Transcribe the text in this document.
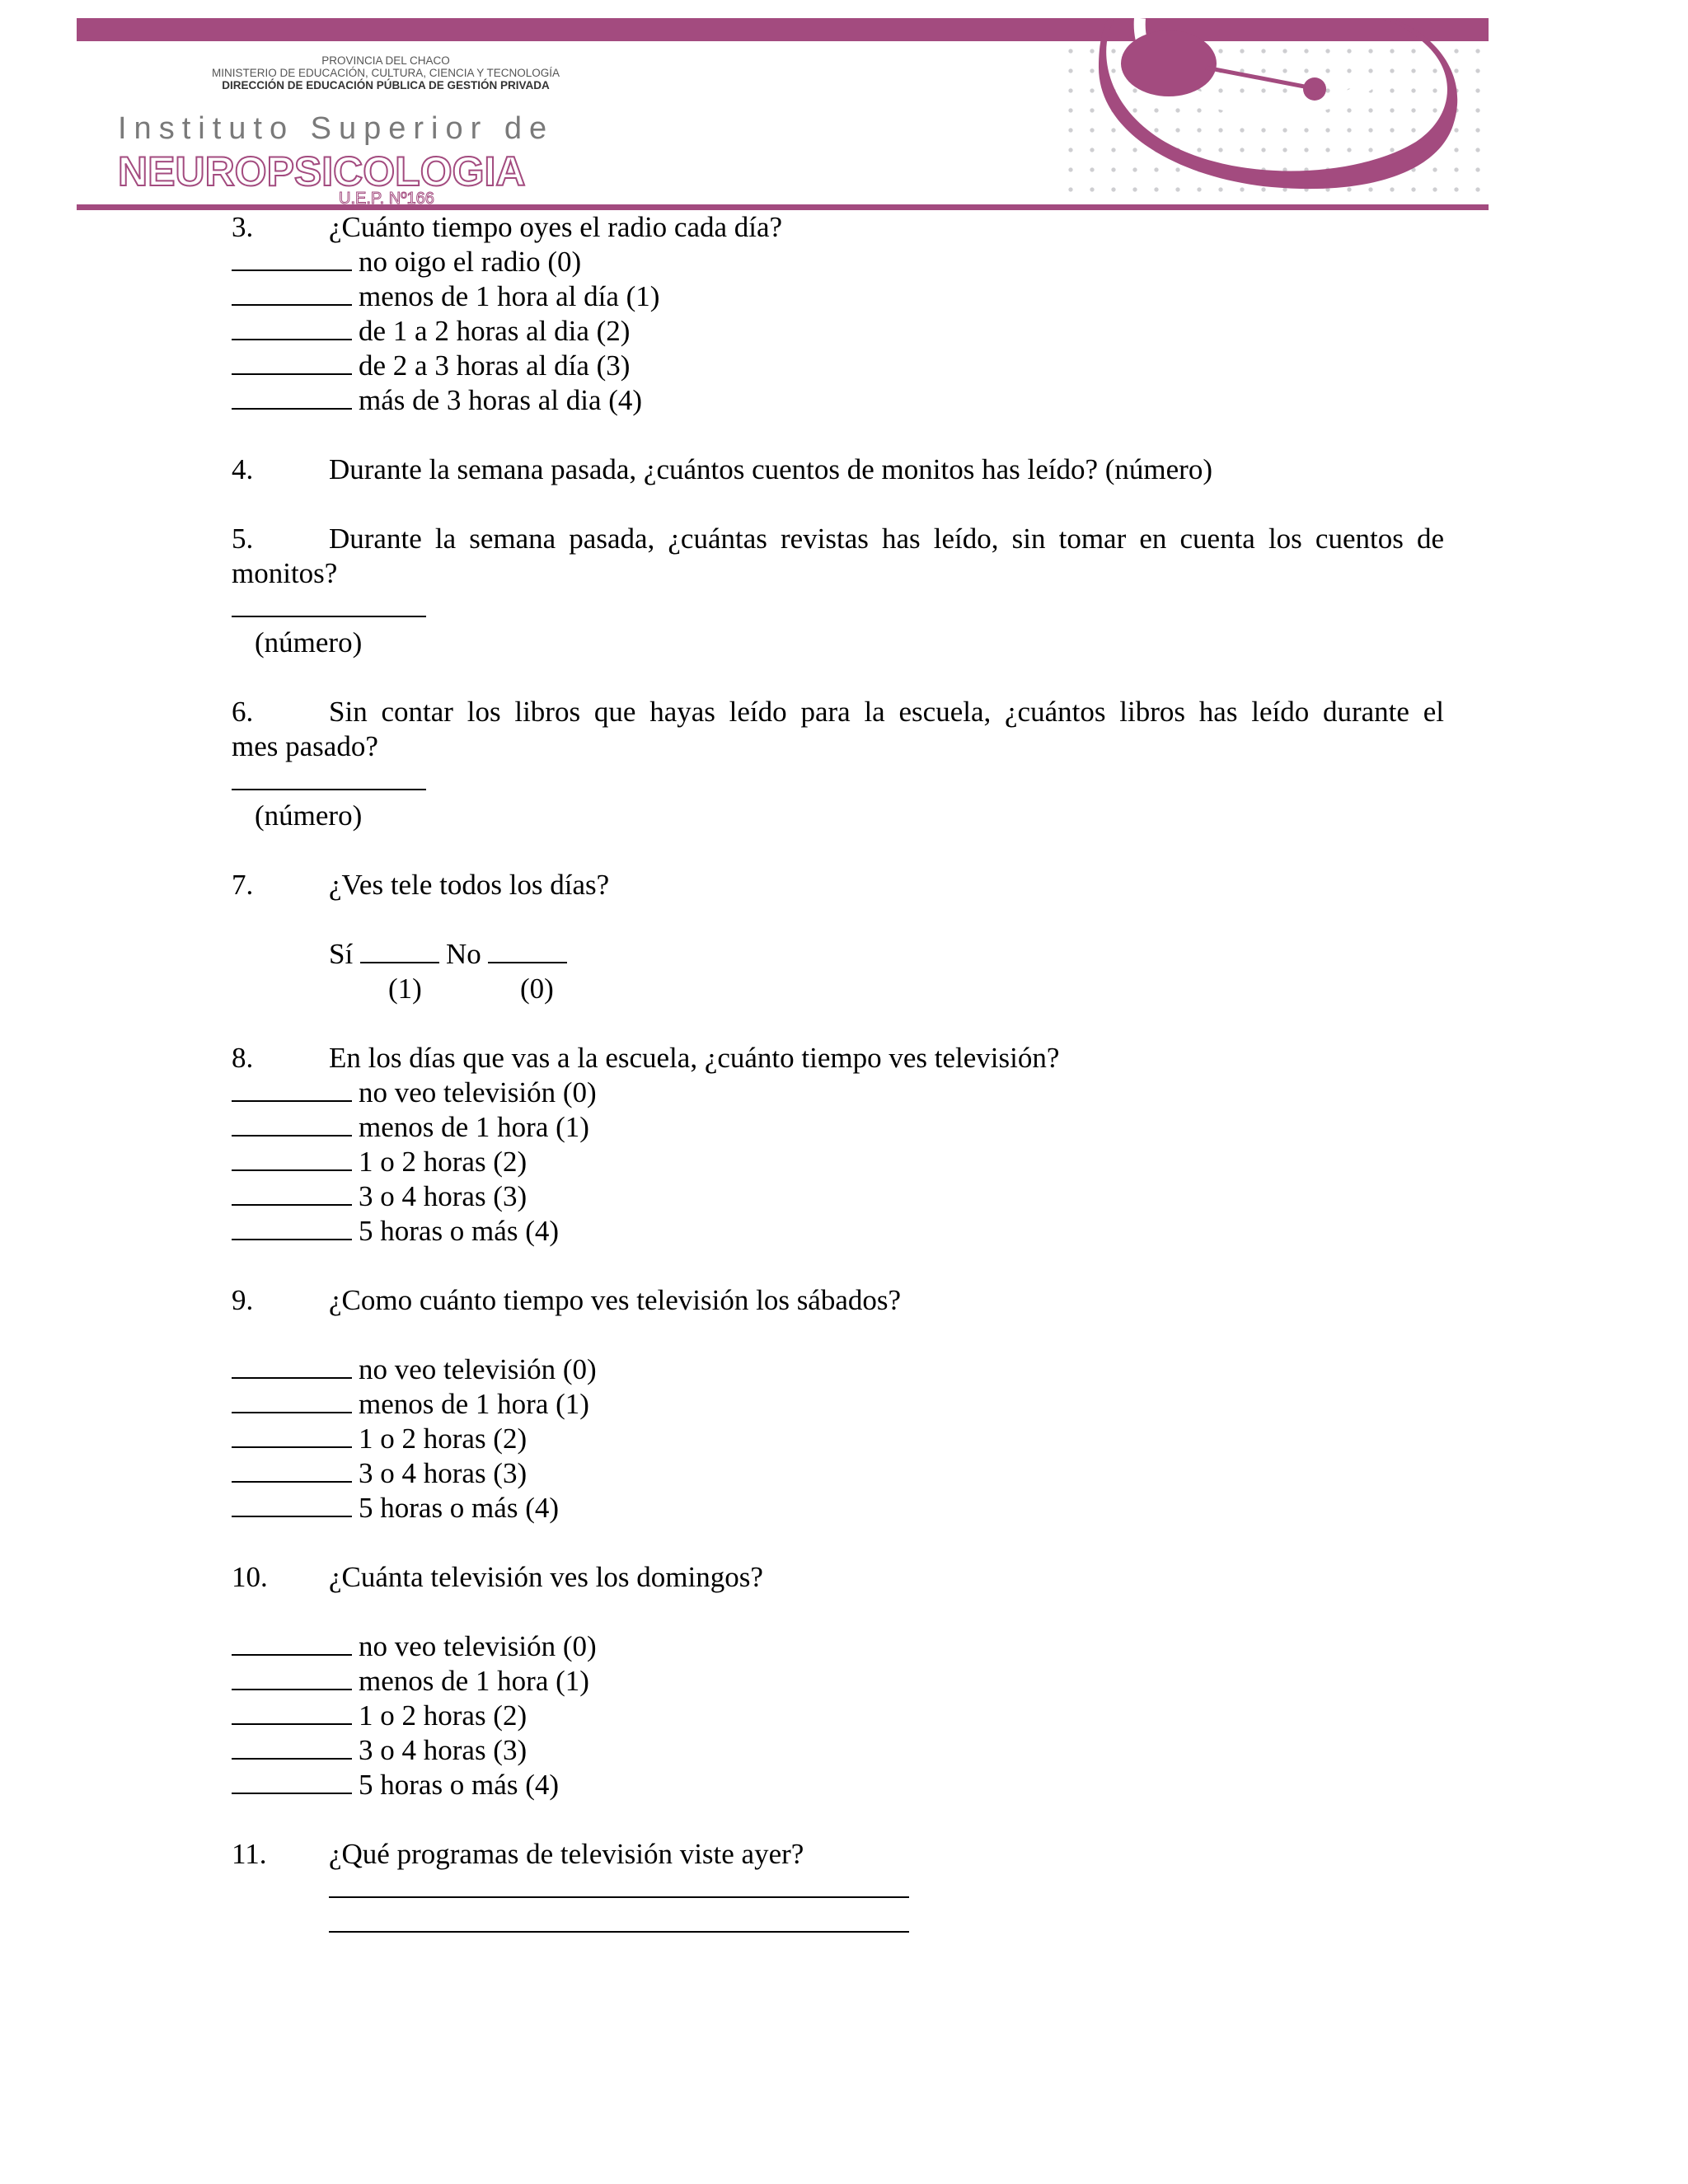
PROVINCIA DEL CHACO
MINISTERIO DE EDUCACIÓN, CULTURA, CIENCIA Y TECNOLOGÍA
DIRECCIÓN DE EDUCACIÓN PÚBLICA DE GESTIÓN PRIVADA
Instituto Superior de
NEUROPSICOLOGIA
U.E.P. Nº166
3.	¿Cuánto tiempo oyes el radio cada día?
no oigo el radio (0)
menos de 1 hora al día (1)
de 1 a 2 horas al dia (2)
de 2 a 3 horas al día (3)
más de 3 horas al dia (4)
4.	Durante la semana pasada, ¿cuántos cuentos de monitos has leído? (número)
5.	Durante la semana pasada, ¿cuántas revistas has leído, sin tomar en cuenta los cuentos de
monitos?
(número)
6.	Sin contar los libros que hayas leído para la escuela, ¿cuántos libros has leído durante el
mes pasado?
(número)
7.	¿Ves tele todos los días?
Sí	No
(1)	(0)
8.	En los días que vas a la escuela, ¿cuánto tiempo ves televisión?
no veo televisión (0)
menos de 1 hora (1)
1 o 2 horas (2)
3 o 4 horas (3)
5 horas o más (4)
9.	¿Como cuánto tiempo ves televisión los sábados?
no veo televisión (0)
menos de 1 hora (1)
1 o 2 horas (2)
3 o 4 horas (3)
5 horas o más (4)
10. ¿Cuánta televisión ves los domingos?
no veo televisión (0)
menos de 1 hora (1)
1 o 2 horas (2)
3 o 4 horas (3)
5 horas o más (4)
11. ¿Qué programas de televisión viste ayer?
